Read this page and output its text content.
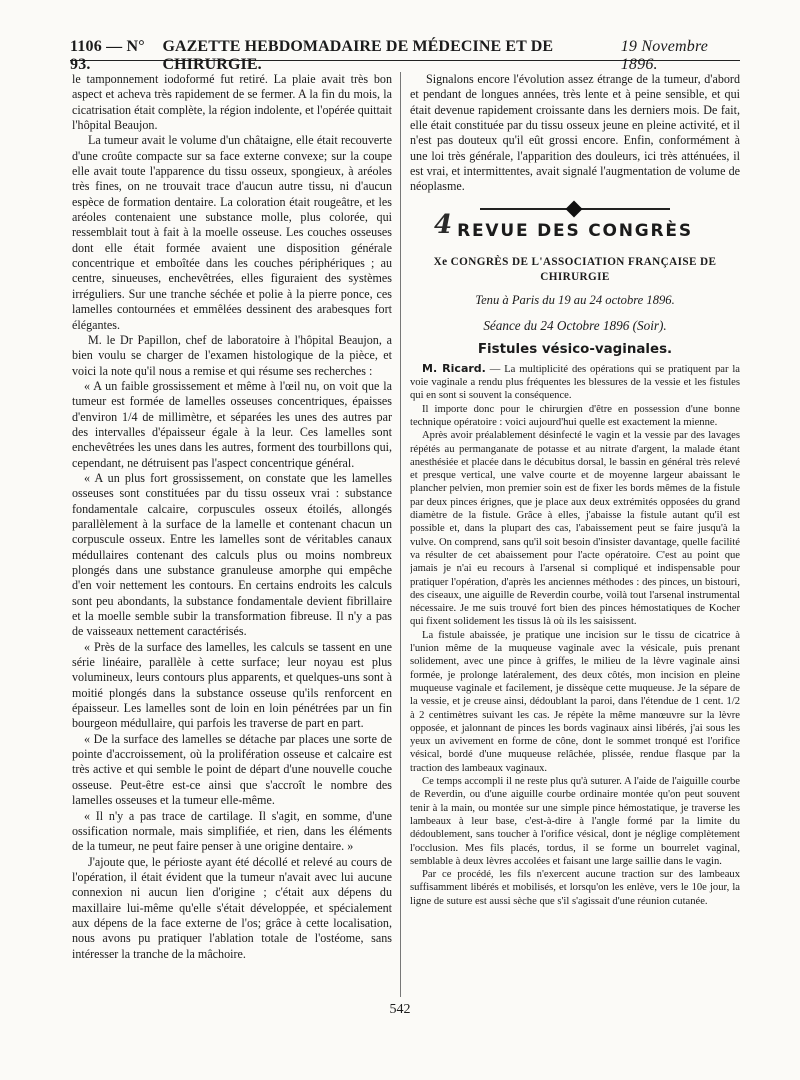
1106 — N° 93.
GAZETTE HEBDOMADAIRE DE MÉDECINE ET DE CHIRURGIE.
19 Novembre 1896.

le tamponnement iodoformé fut retiré. La plaie avait très bon aspect et acheva très rapidement de se fermer. A la fin du mois, la cicatrisation était complète, la région indolente, et l'opérée quittait l'hôpital Beaujon.

La tumeur avait le volume d'un châtaigne, elle était recouverte d'une croûte compacte sur sa face externe convexe; sur la coupe elle avait toute l'apparence du tissu osseux, spongieux, à aréoles très fines, on ne trouvait trace d'aucun autre tissu, ni d'aucun espèce de formation dentaire. La coloration était rougeâtre, et les aréoles contenaient une substance molle, plus colorée, qui ressemblait tout à fait à la moelle osseuse. Les couches osseuses dont elle était formée avaient une disposition générale concentrique et emboîtée dans les couches périphériques ; au centre, sinueuses, enchevêtrées, elles figuraient des systèmes irréguliers. Sur une tranche séchée et polie à la pierre ponce, ces lamelles contournées et emmêlées dessinent des arabesques fort élégantes.

M. le Dr Papillon, chef de laboratoire à l'hôpital Beaujon, a bien voulu se charger de l'examen histologique de la pièce, et voici la note qu'il nous a remise et qui résume ses recherches :

« A un faible grossissement et même à l'œil nu, on voit que la tumeur est formée de lamelles osseuses concentriques, épaisses d'environ 1/4 de millimètre, et séparées les unes des autres par des intervalles d'épaisseur égale à la leur. Ces lamelles sont enchevêtrées les unes dans les autres, forment des tourbillons qui, cependant, ne détruisent pas l'aspect concentrique général.

« A un plus fort grossissement, on constate que les lamelles osseuses sont constituées par du tissu osseux vrai : substance fondamentale calcaire, corpuscules osseux étoilés, allongés parallèlement à la surface de la lamelle et contenant chacun un corpuscule osseux. Entre les lamelles sont de véritables canaux médullaires contenant des calculs plus ou moins nombreux plongés dans une substance granuleuse amorphe qui empêche d'en voir nettement les contours. En certains endroits les calculs sont peu abondants, la substance fondamentale devient fibrillaire et la moelle semble subir la transformation fibreuse. Il n'y a pas de vaisseaux nettement caractérisés.

« Près de la surface des lamelles, les calculs se tassent en une série linéaire, parallèle à cette surface; leur noyau est plus volumineux, leurs contours plus apparents, et quelques-uns sont à moitié plongés dans la substance osseuse qu'ils renforcent en épaisseur. Les lamelles sont de loin en loin pénétrées par un fin bourgeon médullaire, qui parfois les traverse de part en part.

« De la surface des lamelles se détache par places une sorte de pointe d'accroissement, où la prolifération osseuse et calcaire est très active et qui semble le point de départ d'une nouvelle couche osseuse. Peut-être est-ce ainsi que s'accroît le nombre des lamelles osseuses et la tumeur elle-même.

« Il n'y a pas trace de cartilage. Il s'agit, en somme, d'une ossification normale, mais simplifiée, et rien, dans les éléments de la tumeur, ne peut faire penser à une origine dentaire. »

J'ajoute que, le périoste ayant été décollé et relevé au cours de l'opération, il était évident que la tumeur n'avait avec lui aucune connexion ni aucun lien d'origine ; c'était aux dépens du maxillaire lui-même qu'elle s'était développée, et spécialement aux dépens de la face externe de l'os; grâce à cette localisation, nous avons pu pratiquer l'ablation totale de l'ostéome, sans intéresser la tranche de la mâchoire.

Signalons encore l'évolution assez étrange de la tumeur, d'abord et pendant de longues années, très lente et à peine sensible, et qui était devenue rapidement croissante dans les derniers mois. De fait, elle était constituée par du tissu osseux jeune en pleine activité, et il n'est pas douteux qu'il eût grossi encore. Enfin, conformément à une loi très générale, l'apparition des douleurs, ici très atténuées, il est vrai, et intermittentes, avait signalé l'augmentation de volume de néoplasme.

4 REVUE DES CONGRÈS
Xe CONGRÈS DE L'ASSOCIATION FRANÇAISE DE CHIRURGIE
Tenu à Paris du 19 au 24 octobre 1896.
Séance du 24 Octobre 1896 (Soir).
Fistules vésico-vaginales.

M. Ricard. — La multiplicité des opérations qui se pratiquent par la voie vaginale a rendu plus fréquentes les blessures de la vessie et les fistules qui en sont si souvent la conséquence.

Il importe donc pour le chirurgien d'être en possession d'une bonne technique opératoire : voici aujourd'hui quelle est exactement la mienne.

Après avoir préalablement désinfecté le vagin et la vessie par des lavages répétés au permanganate de potasse et au nitrate d'argent, la malade étant anesthésiée et placée dans le décubitus dorsal, le bassin en général très relevé et presque vertical, une valve courte et de moyenne largeur abaissant le plancher pelvien, mon premier soin est de fixer les bords mêmes de la fistule par deux pinces érignes, que je place aux deux extrémités opposées du grand diamètre de la fistule. Grâce à elles, j'abaisse la fistule autant qu'il est possible et, dans la plupart des cas, l'abaissement peut se faire jusqu'à la vulve. On comprend, sans qu'il soit besoin d'insister davantage, quelle facilité va résulter de cet abaissement pour l'acte opératoire. C'est au point que jamais je n'ai eu recours à l'arsenal si compliqué et indispensable pour pratiquer l'opération, d'après les anciennes méthodes : des pinces, un bistouri, des ciseaux, une aiguille de Reverdin courbe, voilà tout l'arsenal instrumental nécessaire. Je me suis trouvé fort bien des pinces hémostatiques de Kocher qui fixent solidement les tissus là où ils les saisissent.

La fistule abaissée, je pratique une incision sur le tissu de cicatrice à l'union même de la muqueuse vaginale avec la vésicale, puis prenant solidement, avec une pince à griffes, le milieu de la lèvre vaginale ainsi formée, je prolonge latéralement, des deux côtés, mon incision en pleine muqueuse vaginale et facilement, je dissèque cette muqueuse. Je la sépare de la vessie, et je creuse ainsi, dédoublant la paroi, dans l'étendue de 1 cent. 1/2 à 2 centimètres suivant les cas. Je répète la même manœuvre sur la lèvre opposée, et jalonnant de pinces les bords vaginaux ainsi libérés, j'ai sous les yeux un avivement en forme de cône, dont le sommet tronqué est l'orifice vésical, bordé d'une muqueuse relâchée, plissée, rendue flasque par la traction des lambeaux vaginaux.

Ce temps accompli il ne reste plus qu'à suturer. A l'aide de l'aiguille courbe de Reverdin, ou d'une aiguille courbe ordinaire montée qu'on peut souvent tenir à la main, ou montée sur une simple pince hémostatique, je traverse les lambeaux à leur base, c'est-à-dire à l'angle formé par la limite du dédoublement, sans toucher à l'orifice vésical, dont je néglige complètement l'occlusion. Mes fils placés, tordus, il se forme un bourrelet vaginal, semblable à deux lèvres accolées et faisant une large saillie dans le vagin.

Par ce procédé, les fils n'exercent aucune traction sur des lambeaux suffisamment libérés et mobilisés, et lorsqu'on les enlève, vers le 10e jour, la ligne de suture est aussi sèche que s'il s'agissait d'une réunion cutanée.

542
